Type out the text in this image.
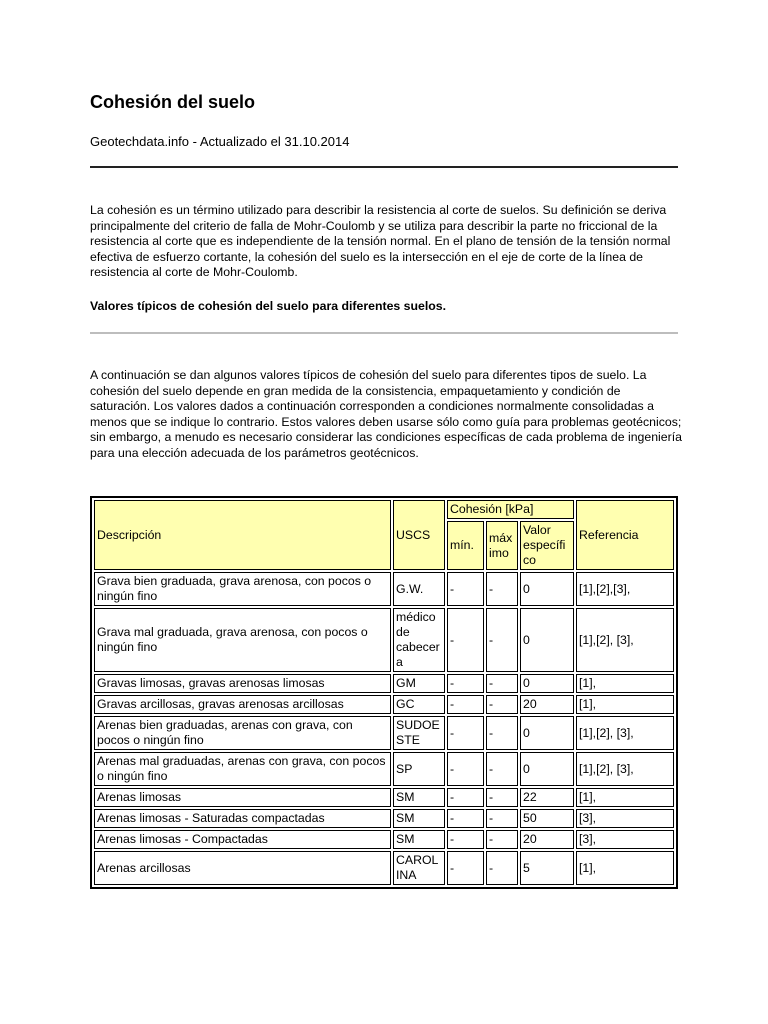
Cohesión del suelo
Geotechdata.info - Actualizado el 31.10.2014

La cohesión es un término utilizado para describir la resistencia al corte de suelos. Su definición se deriva principalmente del criterio de falla de Mohr-Coulomb y se utiliza para describir la parte no friccional de la resistencia al corte que es independiente de la tensión normal. En el plano de tensión de la tensión normal efectiva de esfuerzo cortante, la cohesión del suelo es la intersección en el eje de corte de la línea de resistencia al corte de Mohr-Coulomb.

Valores típicos de cohesión del suelo para diferentes suelos.

A continuación se dan algunos valores típicos de cohesión del suelo para diferentes tipos de suelo. La cohesión del suelo depende en gran medida de la consistencia, empaquetamiento y condición de saturación. Los valores dados a continuación corresponden a condiciones normalmente consolidadas a menos que se indique lo contrario. Estos valores deben usarse sólo como guía para problemas geotécnicos; sin embargo, a menudo es necesario considerar las condiciones específicas de cada problema de ingeniería para una elección adecuada de los parámetros geotécnicos.

Descripción	USCS	Cohesión [kPa]			Referencia
		mín.	máx imo	Valor específi co	
Grava bien graduada, grava arenosa, con pocos o ningún fino	G.W.	-	-	0	[1],[2],[3],
Grava mal graduada, grava arenosa, con pocos o ningún fino	médico de cabecer a	-	-	0	[1],[2], [3],
Gravas limosas, gravas arenosas limosas	GM	-	-	0	[1],
Gravas arcillosas, gravas arenosas arcillosas	GC	-	-	20	[1],
Arenas bien graduadas, arenas con grava, con pocos o ningún fino	SUDOE STE	-	-	0	[1],[2], [3],
Arenas mal graduadas, arenas con grava, con pocos o ningún fino	SP	-	-	0	[1],[2], [3],
Arenas limosas	SM	-	-	22	[1],
Arenas limosas - Saturadas compactadas	SM	-	-	50	[3],
Arenas limosas - Compactadas	SM	-	-	20	[3],
Arenas arcillosas	CAROL INA	-	-	5	[1],
